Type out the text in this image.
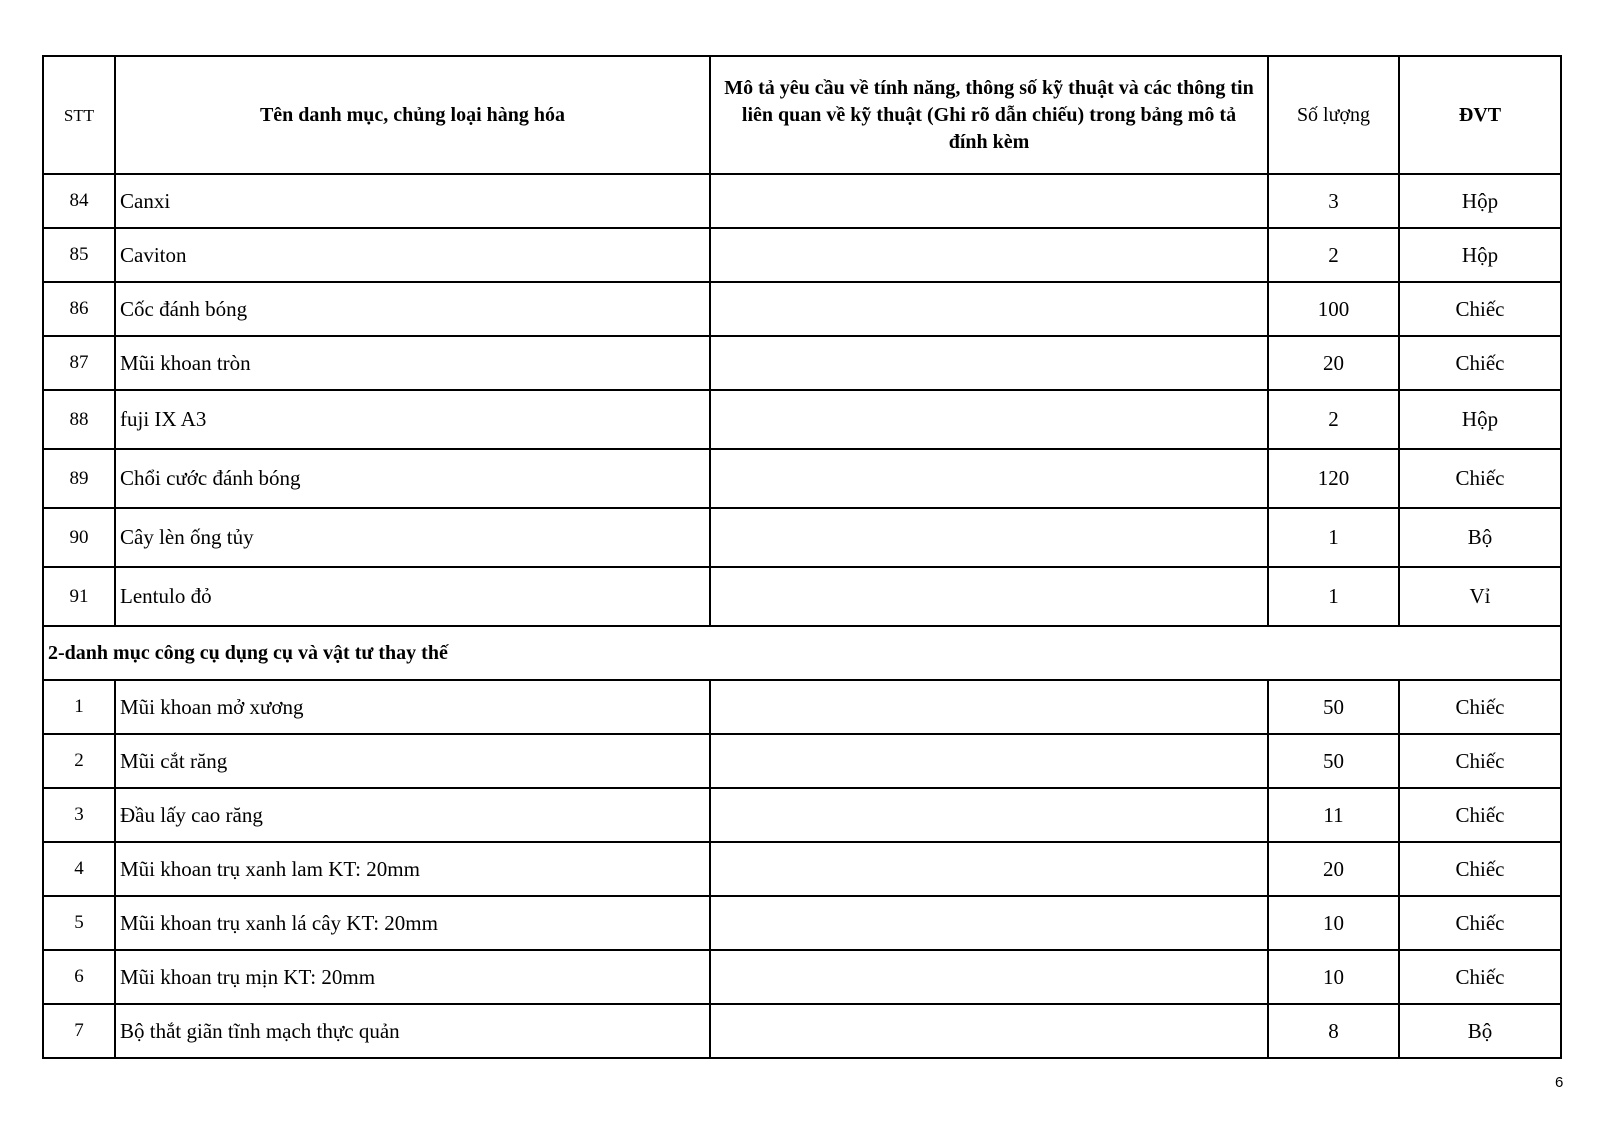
STT	Tên danh mục, chủng loại hàng hóa	Mô tả yêu cầu về tính năng, thông số kỹ thuật và các thông tin liên quan về kỹ thuật (Ghi rõ dẫn chiếu) trong bảng mô tả đính kèm	Số lượng	ĐVT
84	Canxi		3	Hộp
85	Caviton		2	Hộp
86	Cốc đánh bóng		100	Chiếc
87	Mũi khoan tròn		20	Chiếc
88	fuji IX A3		2	Hộp
89	Chổi cước đánh bóng		120	Chiếc
90	Cây lèn ống tủy		1	Bộ
91	Lentulo đỏ		1	Vỉ
2-danh mục công cụ dụng cụ và vật tư thay thế				
1	Mũi khoan mở xương		50	Chiếc
2	Mũi cắt răng		50	Chiếc
3	Đầu lấy cao răng		11	Chiếc
4	Mũi khoan trụ xanh lam KT: 20mm		20	Chiếc
5	Mũi khoan trụ xanh lá cây KT: 20mm		10	Chiếc
6	Mũi khoan trụ mịn KT: 20mm		10	Chiếc
7	Bộ thắt giãn tĩnh mạch thực quản		8	Bộ
6
